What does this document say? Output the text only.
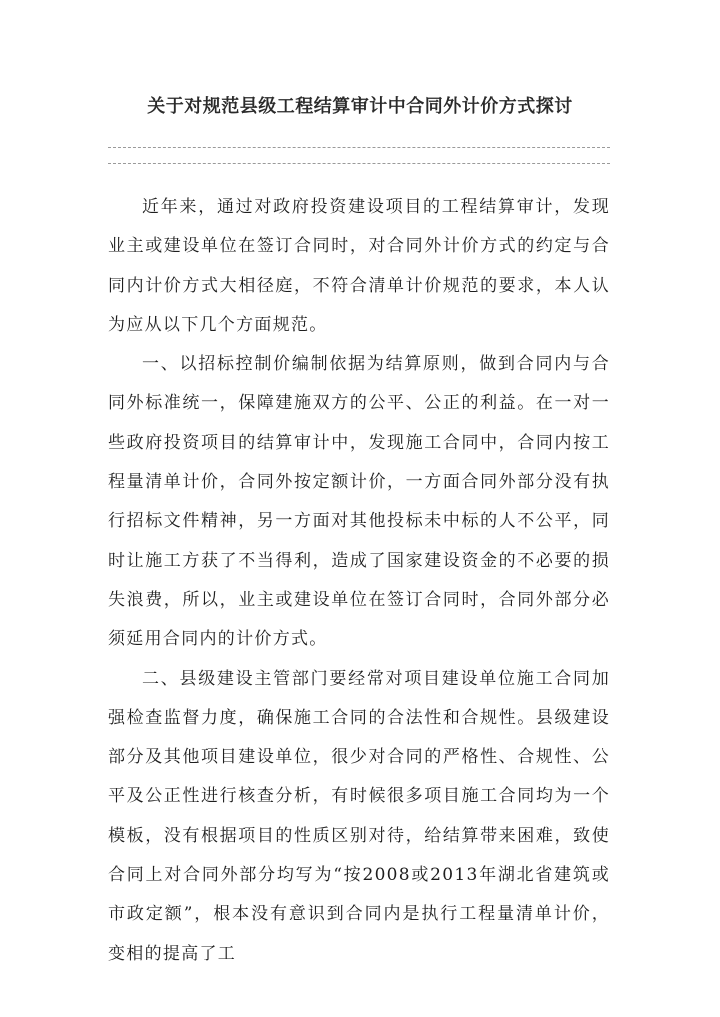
关于对规范县级工程结算审计中合同外计价方式探讨

近年来，通过对政府投资建设项目的工程结算审计，发现业主或建设单位在签订合同时，对合同外计价方式的约定与合同内计价方式大相径庭，不符合清单计价规范的要求，本人认为应从以下几个方面规范。

一、以招标控制价编制依据为结算原则，做到合同内与合同外标准统一，保障建施双方的公平、公正的利益。在一对一些政府投资项目的结算审计中，发现施工合同中，合同内按工程量清单计价，合同外按定额计价，一方面合同外部分没有执行招标文件精神，另一方面对其他投标未中标的人不公平，同时让施工方获了不当得利，造成了国家建设资金的不必要的损失浪费，所以，业主或建设单位在签订合同时，合同外部分必须延用合同内的计价方式。

二、县级建设主管部门要经常对项目建设单位施工合同加强检查监督力度，确保施工合同的合法性和合规性。县级建设部分及其他项目建设单位，很少对合同的严格性、合规性、公平及公正性进行核查分析，有时候很多项目施工合同均为一个模板，没有根据项目的性质区别对待，给结算带来困难，致使合同上对合同外部分均写为“按2008或2013年湖北省建筑或市政定额”，根本没有意识到合同内是执行工程量清单计价，变相的提高了工
